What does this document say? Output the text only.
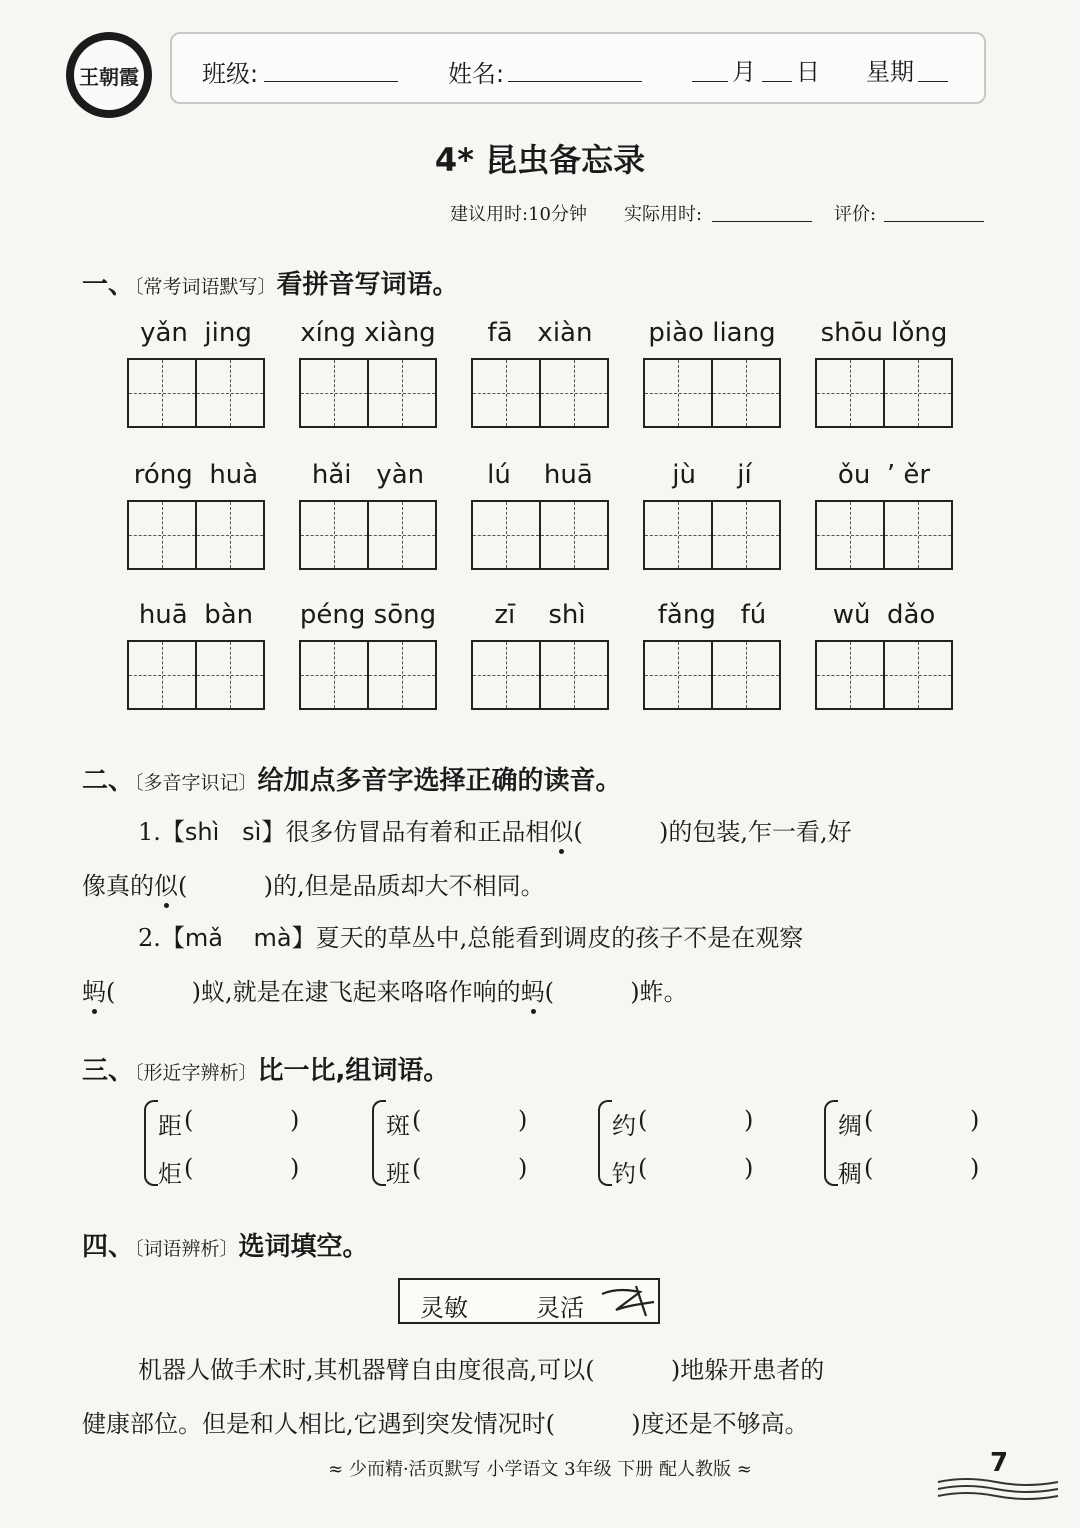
王朝霞	班级:	姓名:	月 日 星期
4* 昆虫备忘录
建议用时:10分钟 实际用时:	评价:
一、〔常考词语默写〕看拼音写词语。
yǎn  jing	xíng xiàng	fā   xiàn	piào liang	shōu lǒng
róng  huà	hǎi   yàn	lú    huā	jù     jí	ǒu  ’ ěr
huā  bàn	péng sōng	zī    shì	fǎng   fú	wǔ  dǎo
二、〔多音字识记〕给加点多音字选择正确的读音。
1.【shì   sì】很多仿冒品有着和正品相似(          )的包装,乍一看,好
像真的似(          )的,但是品质却大不相同。
2.【mǎ    mà】夏天的草丛中,总能看到调皮的孩子不是在观察
蚂(          )蚁,就是在逮飞起来咯咯作响的蚂(          )蚱。
三、〔形近字辨析〕比一比,组词语。
距 (	)
炬 (	)
斑 (	)
班 (	)
约 (	)
钓 (	)
绸 (	)
稠 (	)
四、〔词语辨析〕选词填空。
灵敏	灵活
机器人做手术时,其机器臂自由度很高,可以(          )地躲开患者的
健康部位。但是和人相比,它遇到突发情况时(          )度还是不够高。
≈ 少而精·活页默写 小学语文 3年级 下册 配人教版 ≈	7
